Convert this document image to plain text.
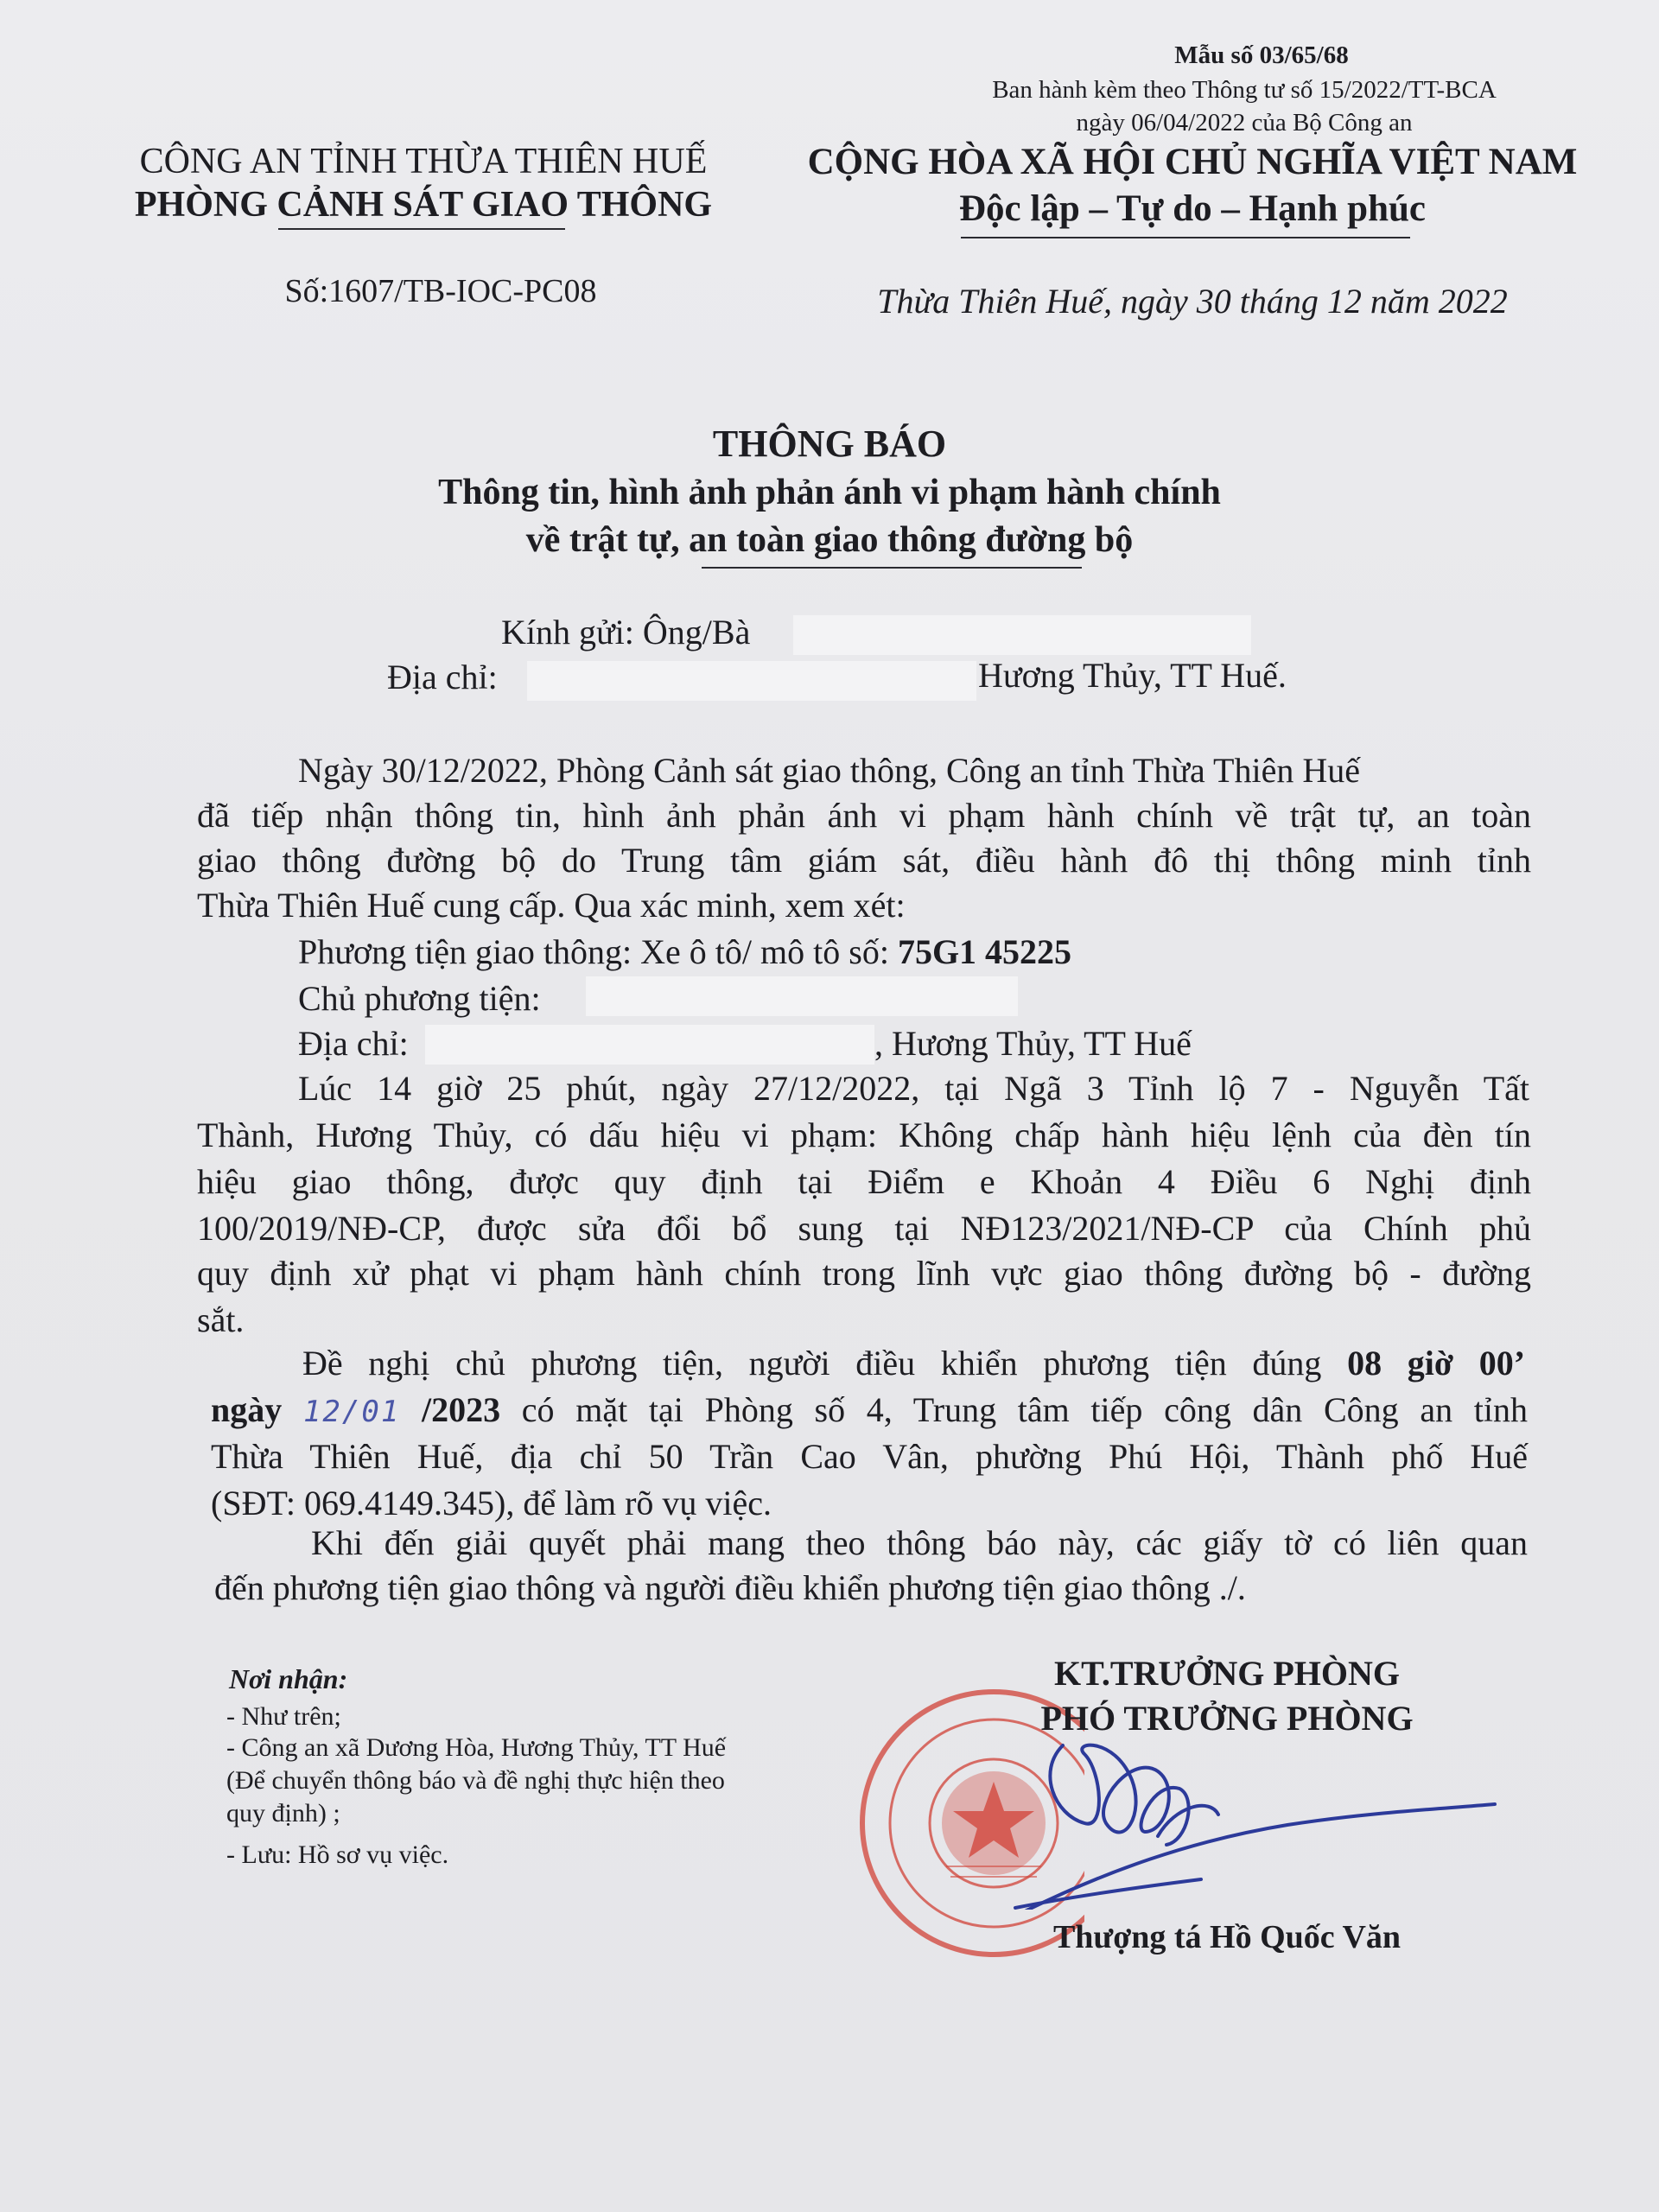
Mẫu số 03/65/68
Ban hành kèm theo Thông tư số 15/2022/TT-BCA
ngày 06/04/2022 của Bộ Công an
CÔNG AN TỈNH THỪA THIÊN HUẾ
PHÒNG CẢNH SÁT GIAO THÔNG
CỘNG HÒA XÃ HỘI CHỦ NGHĨA VIỆT NAM
Độc lập – Tự do – Hạnh phúc
Số:1607/TB-IOC-PC08	Thừa Thiên Huế, ngày 30 tháng 12 năm 2022
THÔNG BÁO
Thông tin, hình ảnh phản ánh vi phạm hành chính
về trật tự, an toàn giao thông đường bộ
Kính gửi: Ông/Bà
Địa chỉ:	Hương Thủy, TT Huế.
Ngày 30/12/2022, Phòng Cảnh sát giao thông, Công an tỉnh Thừa Thiên Huế
đã tiếp nhận thông tin, hình ảnh phản ánh vi phạm hành chính về trật tự, an toàn
giao thông đường bộ do Trung tâm giám sát, điều hành đô thị thông minh tỉnh
Thừa Thiên Huế cung cấp. Qua xác minh, xem xét:
Phương tiện giao thông: Xe ô tô/ mô tô số: 75G1 45225
Chủ phương tiện:
Địa chỉ:	, Hương Thủy, TT Huế
Lúc 14 giờ 25 phút, ngày 27/12/2022, tại Ngã 3 Tỉnh lộ 7 - Nguyễn Tất
Thành, Hương Thủy, có dấu hiệu vi phạm: Không chấp hành hiệu lệnh của đèn tín
hiệu giao thông, được quy định tại Điểm e Khoản 4 Điều 6 Nghị định
100/2019/NĐ-CP, được sửa đổi bổ sung tại NĐ123/2021/NĐ-CP của Chính phủ
quy định xử phạt vi phạm hành chính trong lĩnh vực giao thông đường bộ - đường
sắt.
Đề nghị chủ phương tiện, người điều khiển phương tiện đúng 08 giờ 00’
ngày 12/01 /2023 có mặt tại Phòng số 4, Trung tâm tiếp công dân Công an tỉnh
Thừa Thiên Huế, địa chỉ 50 Trần Cao Vân, phường Phú Hội, Thành phố Huế
(SĐT: 069.4149.345), để làm rõ vụ việc.
Khi đến giải quyết phải mang theo thông báo này, các giấy tờ có liên quan
đến phương tiện giao thông và người điều khiển phương tiện giao thông ./.
Nơi nhận:
- Như trên;
- Công an xã Dương Hòa, Hương Thủy, TT Huế
(Để chuyển thông báo và đề nghị thực hiện theo
quy định) ;
- Lưu: Hồ sơ vụ việc.
KT.TRƯỞNG PHÒNG
PHÓ TRƯỞNG PHÒNG
Thượng tá Hồ Quốc Văn
